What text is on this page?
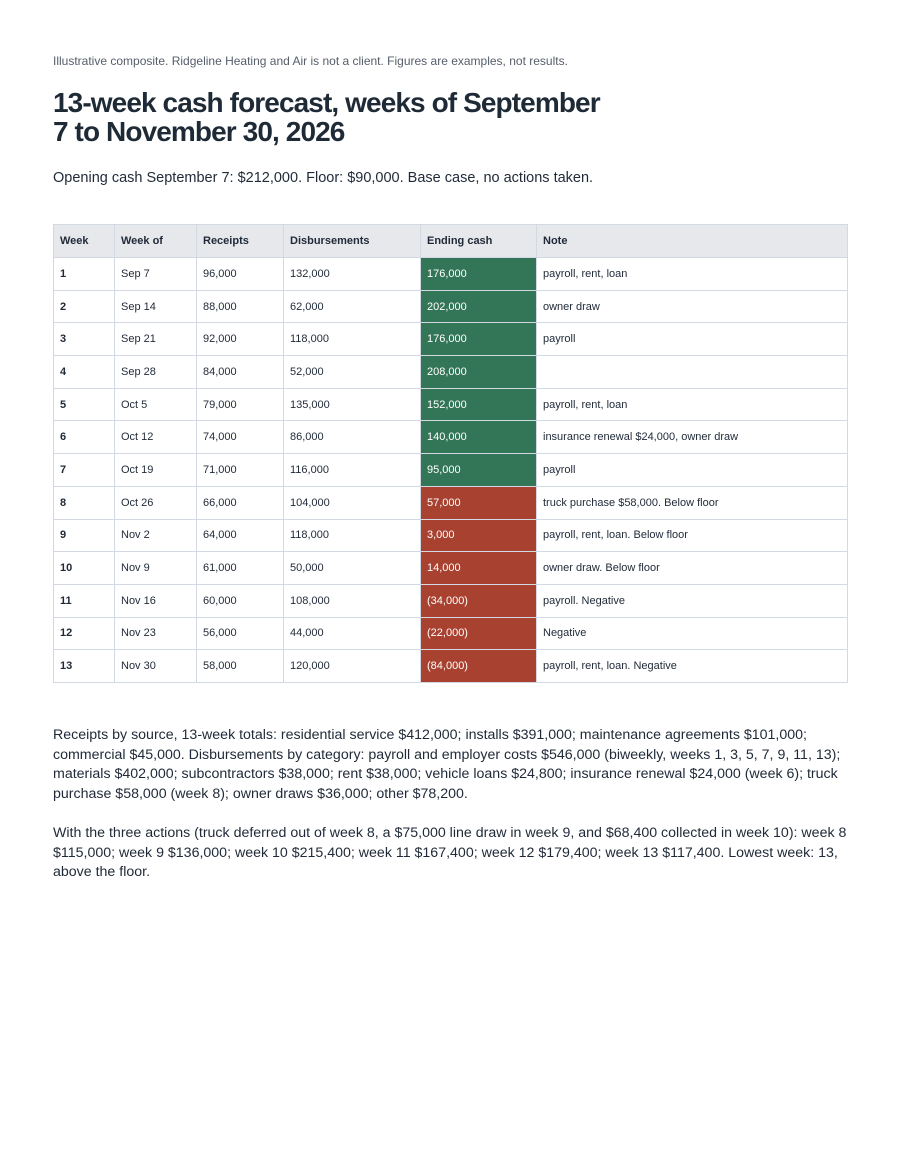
Illustrative composite. Ridgeline Heating and Air is not a client. Figures are examples, not results.
13-week cash forecast, weeks of September 7 to November 30, 2026
Opening cash September 7: $212,000. Floor: $90,000. Base case, no actions taken.
Week	Week of	Receipts	Disbursements	Ending cash	Note
1	Sep 7	96,000	132,000	176,000	payroll, rent, loan
2	Sep 14	88,000	62,000	202,000	owner draw
3	Sep 21	92,000	118,000	176,000	payroll
4	Sep 28	84,000	52,000	208,000	
5	Oct 5	79,000	135,000	152,000	payroll, rent, loan
6	Oct 12	74,000	86,000	140,000	insurance renewal $24,000, owner draw
7	Oct 19	71,000	116,000	95,000	payroll
8	Oct 26	66,000	104,000	57,000	truck purchase $58,000. Below floor
9	Nov 2	64,000	118,000	3,000	payroll, rent, loan. Below floor
10	Nov 9	61,000	50,000	14,000	owner draw. Below floor
11	Nov 16	60,000	108,000	(34,000)	payroll. Negative
12	Nov 23	56,000	44,000	(22,000)	Negative
13	Nov 30	58,000	120,000	(84,000)	payroll, rent, loan. Negative

Receipts by source, 13-week totals: residential service $412,000; installs $391,000; maintenance agreements $101,000; commercial $45,000. Disbursements by category: payroll and employer costs $546,000 (biweekly, weeks 1, 3, 5, 7, 9, 11, 13); materials $402,000; subcontractors $38,000; rent $38,000; vehicle loans $24,800; insurance renewal $24,000 (week 6); truck purchase $58,000 (week 8); owner draws $36,000; other $78,200.

With the three actions (truck deferred out of week 8, a $75,000 line draw in week 9, and $68,400 collected in week 10): week 8 $115,000; week 9 $136,000; week 10 $215,400; week 11 $167,400; week 12 $179,400; week 13 $117,400. Lowest week: 13, above the floor.
